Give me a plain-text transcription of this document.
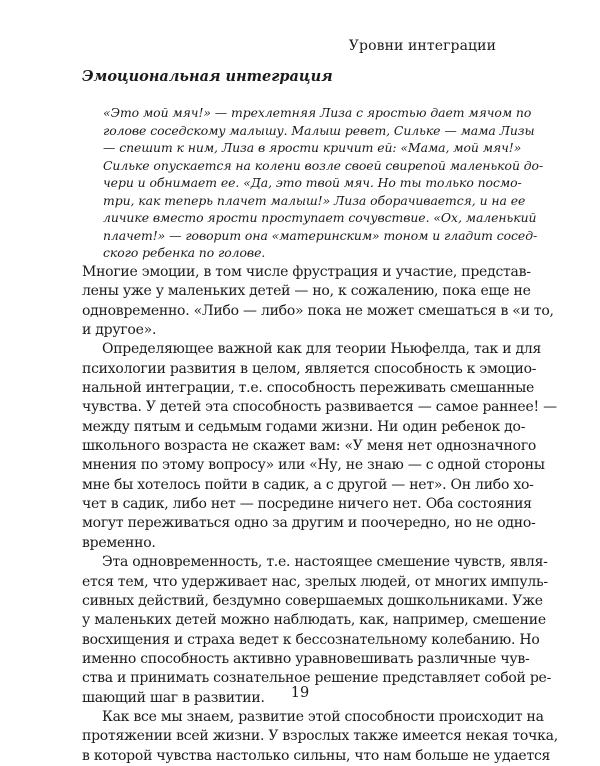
Уровни интеграции
Эмоциональная интеграция
«Это мой мяч!» — трехлетняя Лиза с яростью дает мячом по
голове соседскому малышу. Малыш ревет, Сильке — мама Лизы
— спешит к ним, Лиза в ярости кричит ей: «Мама, мой мяч!»
Сильке опускается на колени возле своей свирепой маленькой до-
чери и обнимает ее. «Да, это твой мяч. Но ты только посмо-
три, как теперь плачет малыш!» Лиза оборачивается, и на ее
личике вместо ярости проступает сочувствие. «Ох, маленький
плачет!» — говорит она «материнским» тоном и гладит сосед-
ского ребенка по голове.
Многие эмоции, в том числе фрустрация и участие, представ-
лены уже у маленьких детей — но, к сожалению, пока еще не
одновременно. «Либо — либо» пока не может смешаться в «и то,
и другое».
Определяющее важной как для теории Ньюфелда, так и для
психологии развития в целом, является способность к эмоцио-
нальной интеграции, т.е. способность переживать смешанные
чувства. У детей эта способность развивается — самое раннее! —
между пятым и седьмым годами жизни. Ни один ребенок до-
школьного возраста не скажет вам: «У меня нет однозначного
мнения по этому вопросу» или «Ну, не знаю — с одной стороны
мне бы хотелось пойти в садик, а с другой — нет». Он либо хо-
чет в садик, либо нет — посредине ничего нет. Оба состояния
могут переживаться одно за другим и поочередно, но не одно-
временно.
Эта одновременность, т.е. настоящее смешение чувств, явля-
ется тем, что удерживает нас, зрелых людей, от многих импуль-
сивных действий, бездумно совершаемых дошкольниками. Уже
у маленьких детей можно наблюдать, как, например, смешение
восхищения и страха ведет к бессознательному колебанию. Но
именно способность активно уравновешивать различные чув-
ства и принимать сознательное решение представляет собой ре-
шающий шаг в развитии.
Как все мы знаем, развитие этой способности происходит на
протяжении всей жизни. У взрослых также имеется некая точка,
в которой чувства настолько сильны, что нам больше не удается
19
